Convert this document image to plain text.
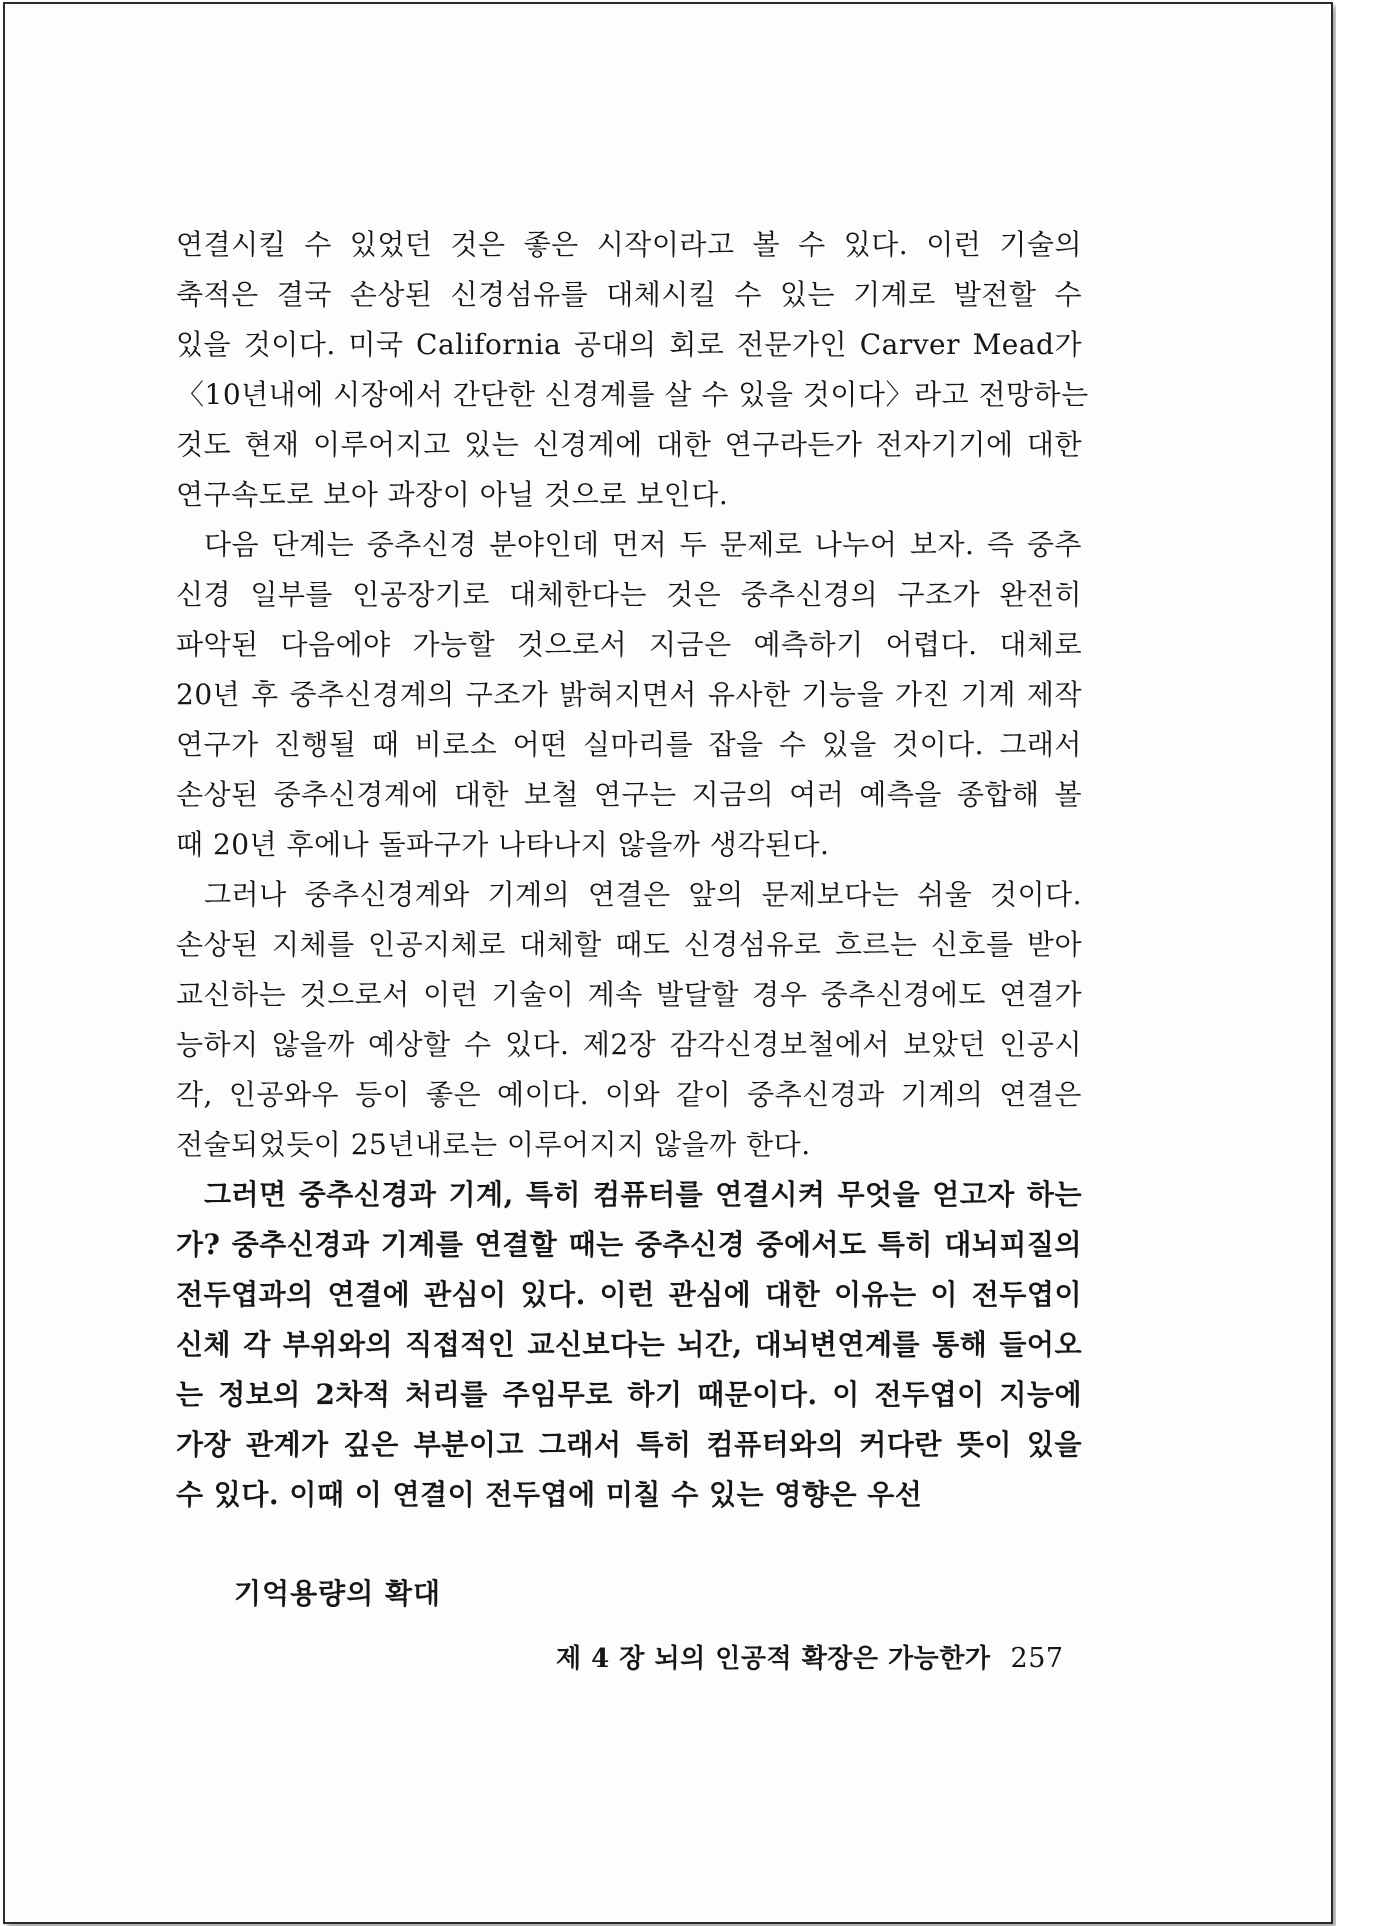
연결시킬 수 있었던 것은 좋은 시작이라고 볼 수 있다. 이런 기술의
축적은 결국 손상된 신경섬유를 대체시킬 수 있는 기계로 발전할 수
있을 것이다. 미국 California 공대의 회로 전문가인 Carver Mead가
〈10년내에 시장에서 간단한 신경계를 살 수 있을 것이다〉라고 전망하는
것도 현재 이루어지고 있는 신경계에 대한 연구라든가 전자기기에 대한
연구속도로 보아 과장이 아닐 것으로 보인다.

다음 단계는 중추신경 분야인데 먼저 두 문제로 나누어 보자. 즉 중추
신경 일부를 인공장기로 대체한다는 것은 중추신경의 구조가 완전히
파악된 다음에야 가능할 것으로서 지금은 예측하기 어렵다. 대체로
20년 후 중추신경계의 구조가 밝혀지면서 유사한 기능을 가진 기계 제작
연구가 진행될 때 비로소 어떤 실마리를 잡을 수 있을 것이다. 그래서
손상된 중추신경계에 대한 보철 연구는 지금의 여러 예측을 종합해 볼
때 20년 후에나 돌파구가 나타나지 않을까 생각된다.

그러나 중추신경계와 기계의 연결은 앞의 문제보다는 쉬울 것이다.
손상된 지체를 인공지체로 대체할 때도 신경섬유로 흐르는 신호를 받아
교신하는 것으로서 이런 기술이 계속 발달할 경우 중추신경에도 연결가
능하지 않을까 예상할 수 있다. 제2장 감각신경보철에서 보았던 인공시
각, 인공와우 등이 좋은 예이다. 이와 같이 중추신경과 기계의 연결은
전술되었듯이 25년내로는 이루어지지 않을까 한다.

그러면 중추신경과 기계, 특히 컴퓨터를 연결시켜 무엇을 얻고자 하는
가? 중추신경과 기계를 연결할 때는 중추신경 중에서도 특히 대뇌피질의
전두엽과의 연결에 관심이 있다. 이런 관심에 대한 이유는 이 전두엽이
신체 각 부위와의 직접적인 교신보다는 뇌간, 대뇌변연계를 통해 들어오
는 정보의 2차적 처리를 주임무로 하기 때문이다. 이 전두엽이 지능에
가장 관계가 깊은 부분이고 그래서 특히 컴퓨터와의 커다란 뜻이 있을
수 있다. 이때 이 연결이 전두엽에 미칠 수 있는 영향은 우선

기억용량의 확대
제 4 장 뇌의 인공적 확장은 가능한가 257
